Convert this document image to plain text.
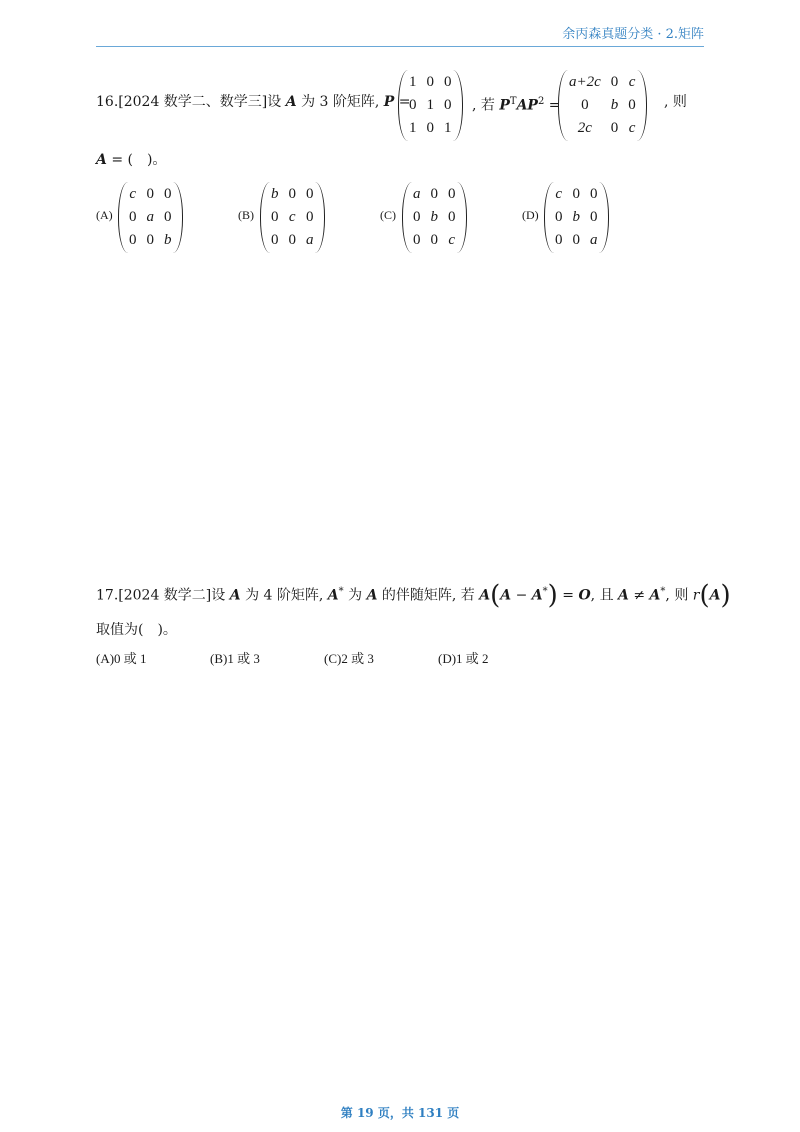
余丙森真题分类 · 2.矩阵
16.[2024 数学二、数学三]设 A 为 3 阶矩阵, P =
1	0	0
0	1	0
1	0	1
, 若 $P^TAP^2$ =
a+2c	0	c
0	b	0
2c	0	c
, 则
A = (　)。
(A)
c	0	0
0	a	0
0	0	b
(B)
b	0	0
0	c	0
0	0	a
(C)
a	0	0
0	b	0
0	0	c
(D)
c	0	0
0	b	0
0	0	a
17.[2024 数学二]设 A 为 4 阶矩阵, A* 为 A 的伴随矩阵, 若 A(A − A*) = O, 且 A ≠ A*, 则 r(A)
取值为(　)。
(A)0 或 1	(B)1 或 3	(C)2 或 3	(D)1 或 2
第 19 页，共 131 页
